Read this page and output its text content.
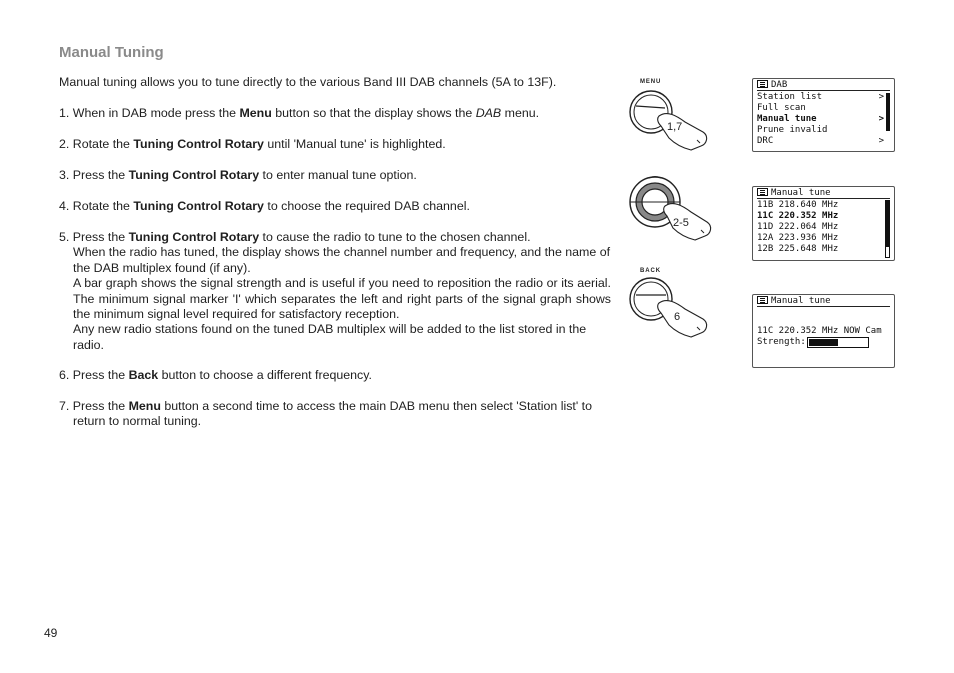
Manual Tuning
Manual tuning allows you to tune directly to the various Band III DAB channels (5A to 13F).
1. When in DAB mode press the Menu button so that the display shows the DAB menu.
2. Rotate the Tuning Control Rotary until 'Manual tune' is highlighted.
3. Press the Tuning Control Rotary to enter manual tune option.
4. Rotate the Tuning Control Rotary to choose the required DAB channel.
5. Press the Tuning Control Rotary to cause the radio to tune to the chosen channel.
When the radio has tuned, the display shows the channel number and frequency, and the name of the DAB multiplex found (if any).
A bar graph shows the signal strength and is useful if you need to reposition the radio or its aerial. The minimum signal marker 'I' which separates the left and right parts of the signal graph shows the minimum signal level required for satisfactory reception.
Any new radio stations found on the tuned DAB multiplex will be added to the list stored in the radio.
6. Press the Back button to choose a different frequency.
7. Press the Menu button a second time to access the main DAB menu then select 'Station list' to return to normal tuning.
49
MENU
1,7
2-5
BACK
6
DAB
Station list	>
Full scan
Manual tune	>
Prune invalid
DRC	>
Manual tune
11B 218.640 MHz
11C 220.352 MHz
11D 222.064 MHz
12A 223.936 MHz
12B 225.648 MHz
Manual tune
11C 220.352 MHz NOW Cam
Strength:
